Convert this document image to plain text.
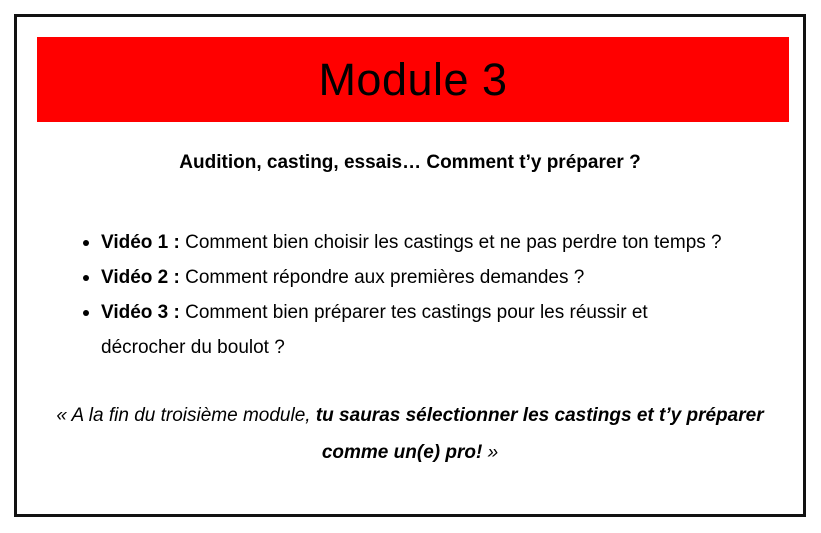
Module 3
Audition, casting, essais… Comment t’y préparer ?
Vidéo 1 : Comment bien choisir les castings et ne pas perdre ton temps ?
Vidéo 2 : Comment répondre aux premières demandes ?
Vidéo 3 : Comment bien préparer tes castings pour les réussir et décrocher du boulot ?
« A la fin du troisième module, tu sauras sélectionner les castings et t’y préparer comme un(e) pro! »
